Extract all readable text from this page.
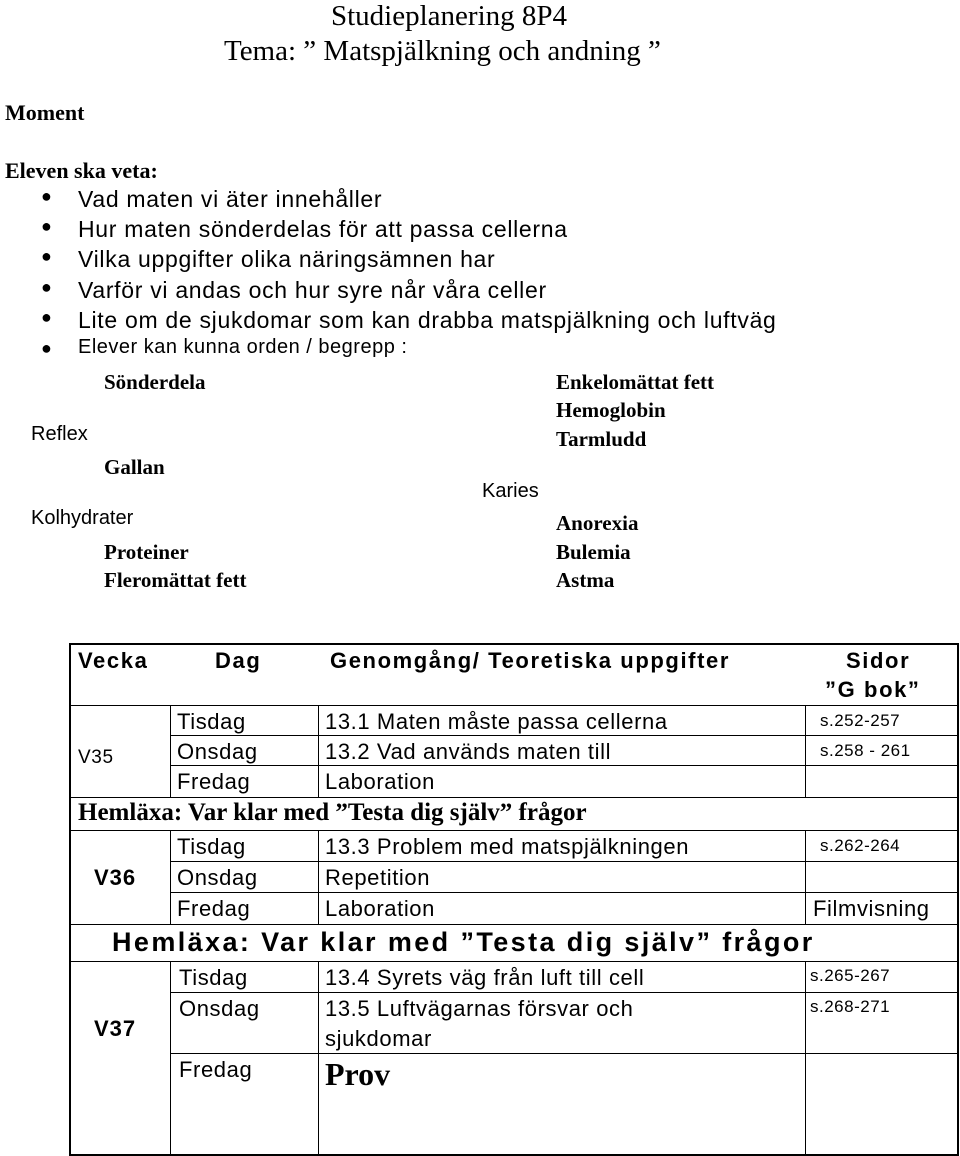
Studieplanering 8P4
Tema: ” Matspjälkning och andning ”
Moment
Eleven ska veta:
● Vad maten vi äter innehåller
● Hur maten sönderdelas för att passa cellerna
● Vilka uppgifter olika näringsämnen har
● Varför vi andas och hur syre når våra celler
● Lite om de sjukdomar som kan drabba matspjälkning och luftväg
● Elever kan kunna orden / begrepp :
Sönderdela
Reflex
Gallan
Kolhydrater
Proteiner
Fleromättat fett
Karies
Enkelomättat fett
Hemoglobin
Tarmludd
Anorexia
Bulemia
Astma
Vecka	Dag	Genomgång/ Teoretiska uppgifter	Sidor
”G bok”
V35
Tisdag	13.1 Maten måste passa cellerna	s.252-257
Onsdag	13.2 Vad används maten till	s.258 - 261
Fredag	Laboration
Hemläxa: Var klar med ”Testa dig själv” frågor
V36
Tisdag	13.3 Problem med matspjälkningen	s.262-264
Onsdag	Repetition
Fredag	Laboration	Filmvisning
Hemläxa: Var klar med ”Testa dig själv” frågor
V37
Tisdag	13.4 Syrets väg från luft till cell	s.265-267
Onsdag	13.5 Luftvägarnas försvar och
sjukdomar
s.268-271
Fredag Prov
